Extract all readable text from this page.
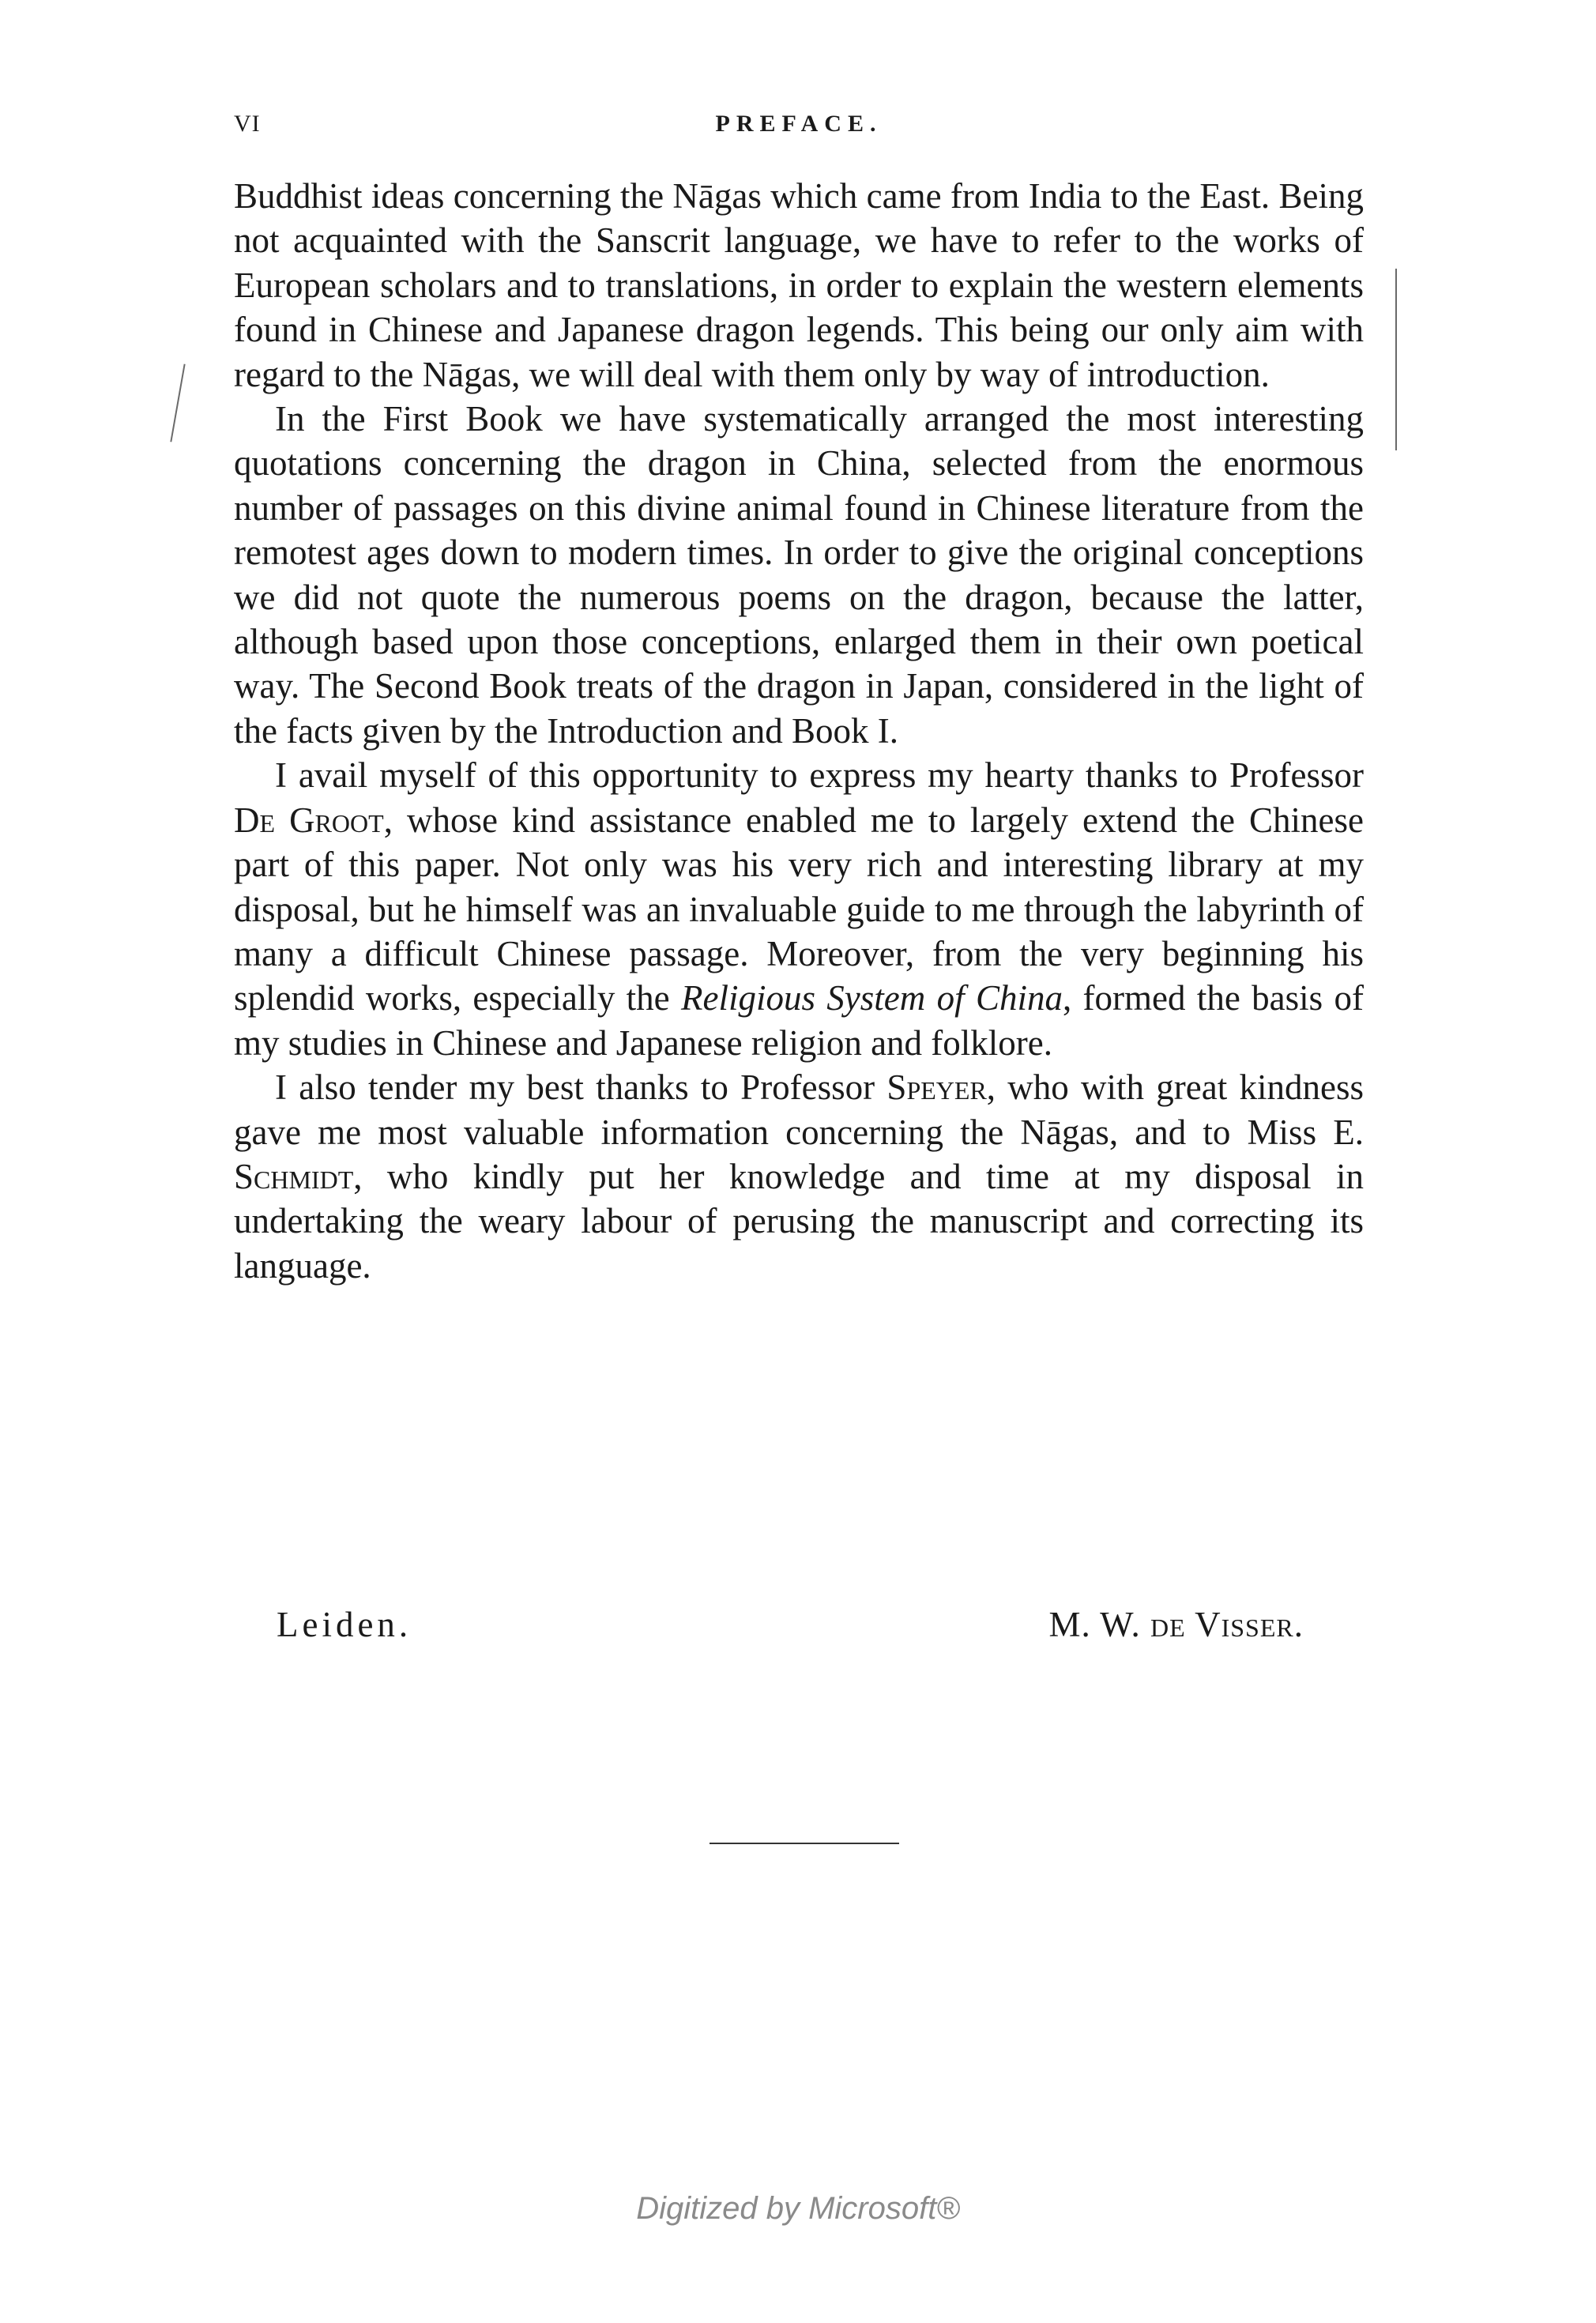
VI	PREFACE.

Buddhist ideas concerning the Nāgas which came from India to the East. Being not acquainted with the Sanscrit language, we have to refer to the works of European scholars and to translations, in order to explain the western elements found in Chinese and Japanese dragon legends. This being our only aim with regard to the Nāgas, we will deal with them only by way of introduction.

In the First Book we have systematically arranged the most interesting quotations concerning the dragon in China, selected from the enormous number of passages on this divine animal found in Chinese literature from the remotest ages down to modern times. In order to give the original conceptions we did not quote the numerous poems on the dragon, because the latter, although based upon those conceptions, enlarged them in their own poetical way. The Second Book treats of the dragon in Japan, considered in the light of the facts given by the Introduction and Book I.

I avail myself of this opportunity to express my hearty thanks to Professor De Groot, whose kind assistance enabled me to largely extend the Chinese part of this paper. Not only was his very rich and interesting library at my disposal, but he himself was an invaluable guide to me through the labyrinth of many a difficult Chinese passage. Moreover, from the very beginning his splendid works, especially the Religious System of China, formed the basis of my studies in Chinese and Japanese religion and folklore.

I also tender my best thanks to Professor Speyer, who with great kindness gave me most valuable information concerning the Nāgas, and to Miss E. Schmidt, who kindly put her knowledge and time at my disposal in undertaking the weary labour of perusing the manuscript and correcting its language.

Leiden.	M. W. de Visser.
Digitized by Microsoft®
